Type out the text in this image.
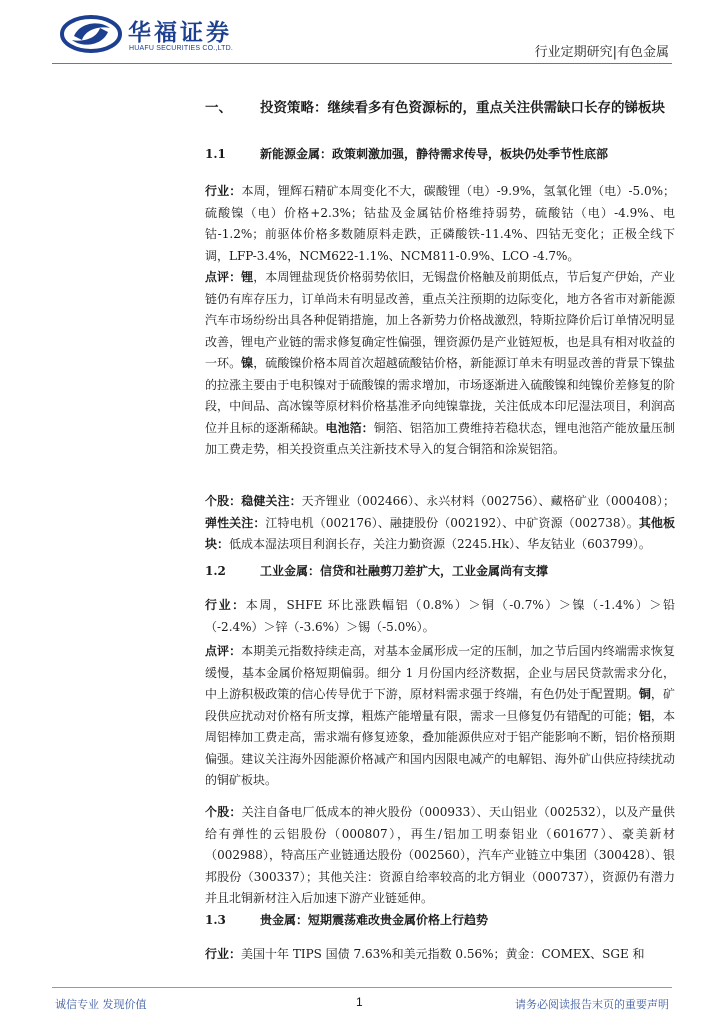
华福证券
HUAFU SECURITIES CO.,LTD.	行业定期研究|有色金属
一、 投资策略：继续看多有色资源标的，重点关注供需缺口长存的锑板块
1.1	新能源金属：政策刺激加强，静待需求传导，板块仍处季节性底部
行业：本周，锂辉石精矿本周变化不大，碳酸锂（电）-9.9%，氢氧化锂（电）-5.0%；硫酸镍（电）价格+2.3%；钴盐及金属钴价格维持弱势，硫酸钴（电）-4.9%、电钴-1.2%；前驱体价格多数随原料走跌，正磷酸铁-11.4%、四钴无变化；正极全线下调，LFP-3.4%，NCM622-1.1%、NCM811-0.9%、LCO -4.7%。
点评：锂，本周锂盐现货价格弱势依旧，无锡盘价格触及前期低点，节后复产伊始，产业链仍有库存压力，订单尚未有明显改善，重点关注预期的边际变化，地方各省市对新能源汽车市场纷纷出具各种促销措施，加上各新势力价格战激烈，特斯拉降价后订单情况明显改善，锂电产业链的需求修复确定性偏强，锂资源仍是产业链短板，也是具有相对收益的一环。镍，硫酸镍价格本周首次超越硫酸钴价格，新能源订单未有明显改善的背景下镍盐的拉涨主要由于电积镍对于硫酸镍的需求增加，市场逐渐进入硫酸镍和纯镍价差修复的阶段，中间品、高冰镍等原材料价格基准矛向纯镍靠拢，关注低成本印尼湿法项目，利润高位并且标的逐渐稀缺。电池箔：铜箔、铝箔加工费维持若稳状态，锂电池箔产能放量压制加工费走势，相关投资重点关注新技术导入的复合铜箔和涂炭铝箔。
个股：稳健关注：天齐锂业（002466）、永兴材料（002756）、藏格矿业（000408）；弹性关注：江特电机（002176）、融捷股份（002192）、中矿资源（002738）。其他板块：低成本湿法项目利润长存，关注力勤资源（2245.Hk）、华友钴业（603799）。
1.2	工业金属：信贷和社融剪刀差扩大，工业金属尚有支撑
行业：本周，SHFE 环比涨跌幅铝（0.8%）＞铜（-0.7%）＞镍（-1.4%）＞铅（-2.4%）＞锌（-3.6%）＞锡（-5.0%）。
点评：本期美元指数持续走高，对基本金属形成一定的压制，加之节后国内终端需求恢复缓慢，基本金属价格短期偏弱。细分 1 月份国内经济数据，企业与居民贷款需求分化，中上游积极政策的信心传导优于下游，原材料需求强于终端，有色仍处于配置期。铜，矿段供应扰动对价格有所支撑，粗炼产能增量有限，需求一旦修复仍有错配的可能；铝，本周铝棒加工费走高，需求端有修复迹象，叠加能源供应对于铝产能影响不断，铝价格预期偏强。建议关注海外因能源价格减产和国内因限电减产的电解铝、海外矿山供应持续扰动的铜矿板块。
个股：关注自备电厂低成本的神火股份（000933）、天山铝业（002532），以及产量供给有弹性的云铝股份（000807），再生/铝加工明泰铝业（601677）、豪美新材（002988），特高压产业链通达股份（002560），汽车产业链立中集团（300428）、银邦股份（300337）；其他关注：资源自给率较高的北方铜业（000737），资源仍有潜力并且北铜新材注入后加速下游产业链延伸。
1.3	贵金属：短期震荡难改贵金属价格上行趋势
行业：美国十年 TIPS 国债 7.63%和美元指数 0.56%；黄金：COMEX、SGE 和
诚信专业 发现价值	1	请务必阅读报告末页的重要声明
